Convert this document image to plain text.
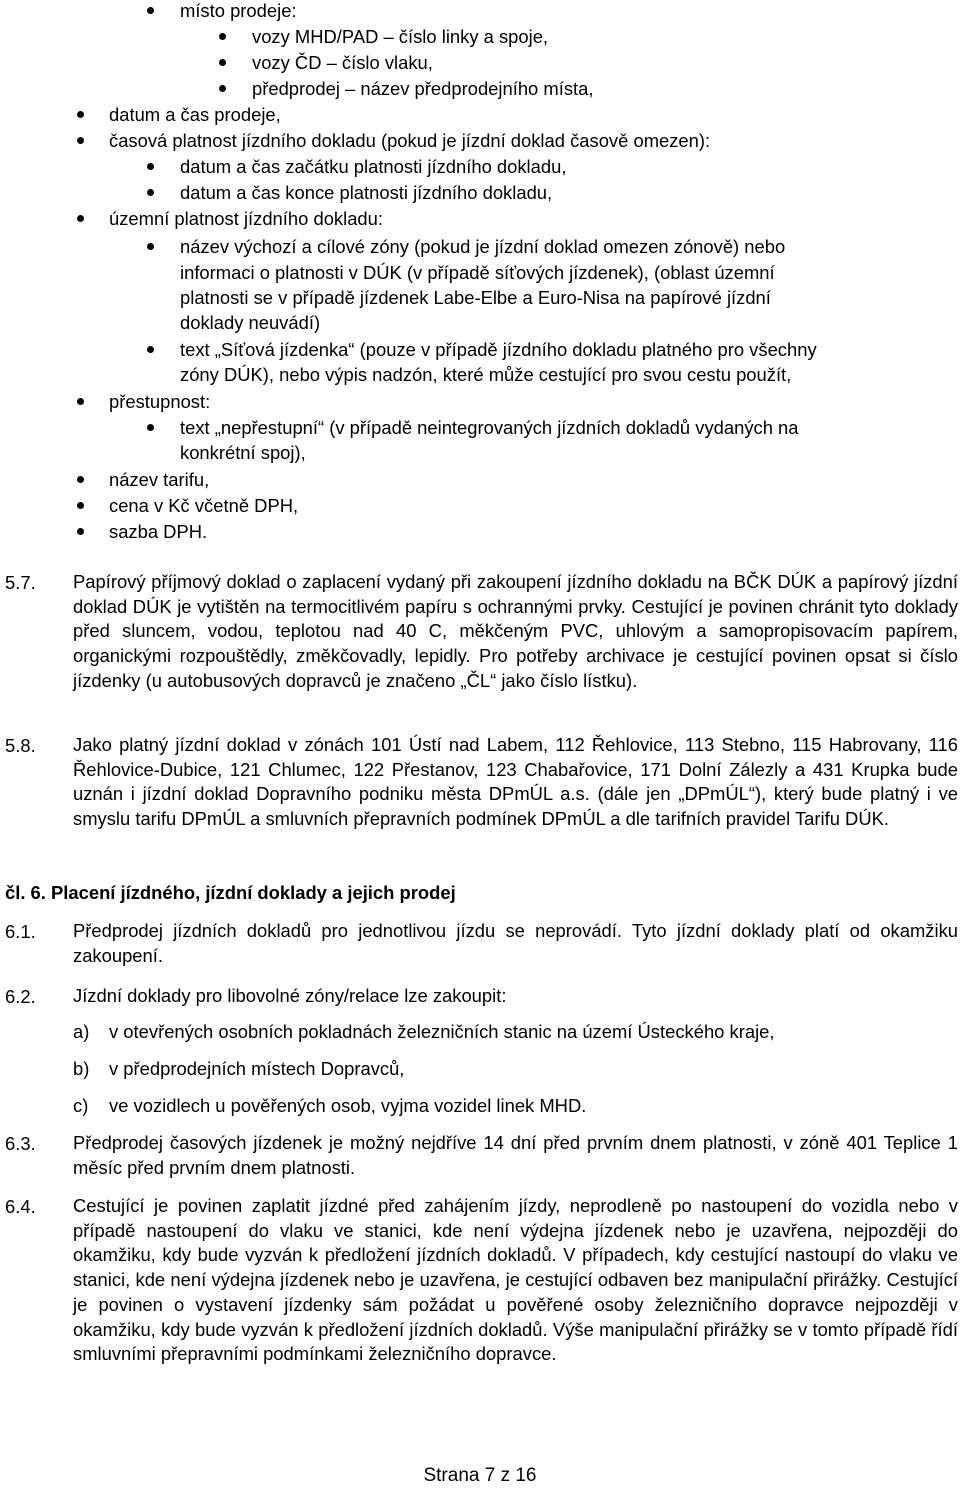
místo prodeje:
vozy MHD/PAD – číslo linky a spoje,
vozy ČD – číslo vlaku,
předprodej – název předprodejního místa,
datum a čas prodeje,
časová platnost jízdního dokladu (pokud je jízdní doklad časově omezen):
datum a čas začátku platnosti jízdního dokladu,
datum a čas konce platnosti jízdního dokladu,
územní platnost jízdního dokladu:
název výchozí a cílové zóny (pokud je jízdní doklad omezen zónově) nebo
informaci o platnosti v DÚK (v případě síťových jízdenek), (oblast územní
platnosti se v případě jízdenek Labe-Elbe a Euro-Nisa na papírové jízdní
doklady neuvádí)
text „Síťová jízdenka“ (pouze v případě jízdního dokladu platného pro všechny
zóny DÚK), nebo výpis nadzón, které může cestující pro svou cestu použít,
přestupnost:
text „nepřestupní“ (v případě neintegrovaných jízdních dokladů vydaných na
konkrétní spoj),
název tarifu,
cena v Kč včetně DPH,
sazba DPH.
5.7. Papírový příjmový doklad o zaplacení vydaný při zakoupení jízdního dokladu na BČK DÚK a papírový jízdní doklad DÚK je vytištěn na termocitlivém papíru s ochrannými prvky. Cestující je povinen chránit tyto doklady před sluncem, vodou, teplotou nad 40 C, měkčeným PVC, uhlovým a samopropisovacím papírem, organickými rozpouštědly, změkčovadly, lepidly. Pro potřeby archivace je cestující povinen opsat si číslo jízdenky (u autobusových dopravců je značeno „ČL“ jako číslo lístku).
5.8. Jako platný jízdní doklad v zónách 101 Ústí nad Labem, 112 Řehlovice, 113 Stebno, 115 Habrovany, 116 Řehlovice-Dubice, 121 Chlumec, 122 Přestanov, 123 Chabařovice, 171 Dolní Zálezly a 431 Krupka bude uznán i jízdní doklad Dopravního podniku města DPmÚL a.s. (dále jen „DPmÚL“), který bude platný i ve smyslu tarifu DPmÚL a smluvních přepravních podmínek DPmÚL a dle tarifních pravidel Tarifu DÚK.
čl. 6. Placení jízdného, jízdní doklady a jejich prodej
6.1. Předprodej jízdních dokladů pro jednotlivou jízdu se neprovádí. Tyto jízdní doklady platí od okamžiku zakoupení.
6.2. Jízdní doklady pro libovolné zóny/relace lze zakoupit:
a) v otevřených osobních pokladnách železničních stanic na území Ústeckého kraje,
b) v předprodejních místech Dopravců,
c) ve vozidlech u pověřených osob, vyjma vozidel linek MHD.
6.3. Předprodej časových jízdenek je možný nejdříve 14 dní před prvním dnem platnosti, v zóně 401 Teplice 1 měsíc před prvním dnem platnosti.
6.4. Cestující je povinen zaplatit jízdné před zahájením jízdy, neprodleně po nastoupení do vozidla nebo v případě nastoupení do vlaku ve stanici, kde není výdejna jízdenek nebo je uzavřena, nejpozději do okamžiku, kdy bude vyzván k předložení jízdních dokladů. V případech, kdy cestující nastoupí do vlaku ve stanici, kde není výdejna jízdenek nebo je uzavřena, je cestující odbaven bez manipulační přirážky. Cestující je povinen o vystavení jízdenky sám požádat u pověřené osoby železničního dopravce nejpozději v okamžiku, kdy bude vyzván k předložení jízdních dokladů. Výše manipulační přirážky se v tomto případě řídí smluvními přepravními podmínkami železničního dopravce.
Strana 7 z 16
